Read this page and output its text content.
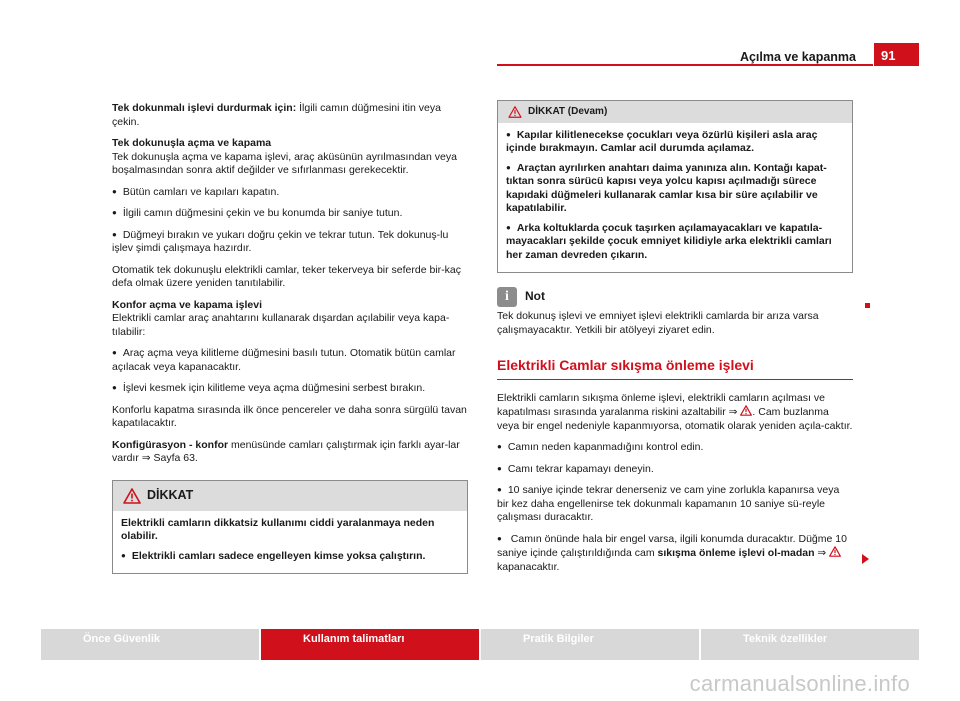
Açılma ve kapanma	91

Tek dokunmalı işlevi durdurmak için: İlgili camın düğmesini itin veya çekin.

Tek dokunuşla açma ve kapama

Tek dokunuşla açma ve kapama işlevi, araç aküsünün ayrılmasından veya boşalmasından sonra aktif değilder ve sıfırlanması gerekecektir.

● Bütün camları ve kapıları kapatın.

● İlgili camın düğmesini çekin ve bu konumda bir saniye tutun.

● Düğmeyi bırakın ve yukarı doğru çekin ve tekrar tutun. Tek dokunuş-lu işlev şimdi çalışmaya hazırdır.

Otomatik tek dokunuşlu elektrikli camlar, teker tekerveya bir seferde bir-kaç defa olmak üzere yeniden tanıtılabilir.

Konfor açma ve kapama işlevi

Elektrikli camlar araç anahtarını kullanarak dışardan açılabilir veya kapa-tılabilir:

● Araç açma veya kilitleme düğmesini basılı tutun. Otomatik bütün camlar açılacak veya kapanacaktır.

● İşlevi kesmek için kilitleme veya açma düğmesini serbest bırakın.

Konforlu kapatma sırasında ilk önce pencereler ve daha sonra sürgülü tavan kapatılacaktır.

Konfigürasyon - konfor menüsünde camları çalıştırmak için farklı ayar-lar vardır ⇒ Sayfa 63.

DİKKAT

Elektrikli camların dikkatsiz kullanımı ciddi yaralanmaya neden olabilir.

● Elektrikli camları sadece engelleyen kimse yoksa çalıştırın.

DİKKAT (Devam)

● Kapılar kilitlenecekse çocukları veya özürlü kişileri asla araç içinde bırakmayın. Camlar acil durumda açılamaz.

● Araçtan ayrılırken anahtarı daima yanınıza alın. Kontağı kapat-tıktan sonra sürücü kapısı veya yolcu kapısı açılmadığı sürece kapıdaki düğmeleri kullanarak camlar kısa bir süre açılabilir ve kapatılabilir.

● Arka koltuklarda çocuk taşırken açılamayacakları ve kapatıla-mayacakları şekilde çocuk emniyet kilidiyle arka elektrikli camları her zaman devreden çıkarın.

i	Not

Tek dokunuş işlevi ve emniyet işlevi elektrikli camlarda bir arıza varsa çalışmayacaktır. Yetkili bir atölyeyi ziyaret edin.

Elektrikli Camlar sıkışma önleme işlevi

Elektrikli camların sıkışma önleme işlevi, elektrikli camların açılması ve kapatılması sırasında yaralanma riskini azaltabilir ⇒ . Cam buzlanma veya bir engel nedeniyle kapanmıyorsa, otomatik olarak yeniden açıla-caktır.

● Camın neden kapanmadığını kontrol edin.

● Camı tekrar kapamayı deneyin.

● 10 saniye içinde tekrar denerseniz ve cam yine zorlukla kapanırsa veya bir kez daha engellenirse tek dokunmalı kapamanın 10 saniye sü-reyle çalışması duracaktır.

● Camın önünde hala bir engel varsa, ilgili konumda duracaktır. Düğme 10 saniye içinde çalıştırıldığında cam sıkışma önleme işlevi ol-madan ⇒  kapanacaktır.

Önce Güvenlik	Kullanım talimatları	Pratik Bilgiler	Teknik özellikler
carmanualsonline.info
